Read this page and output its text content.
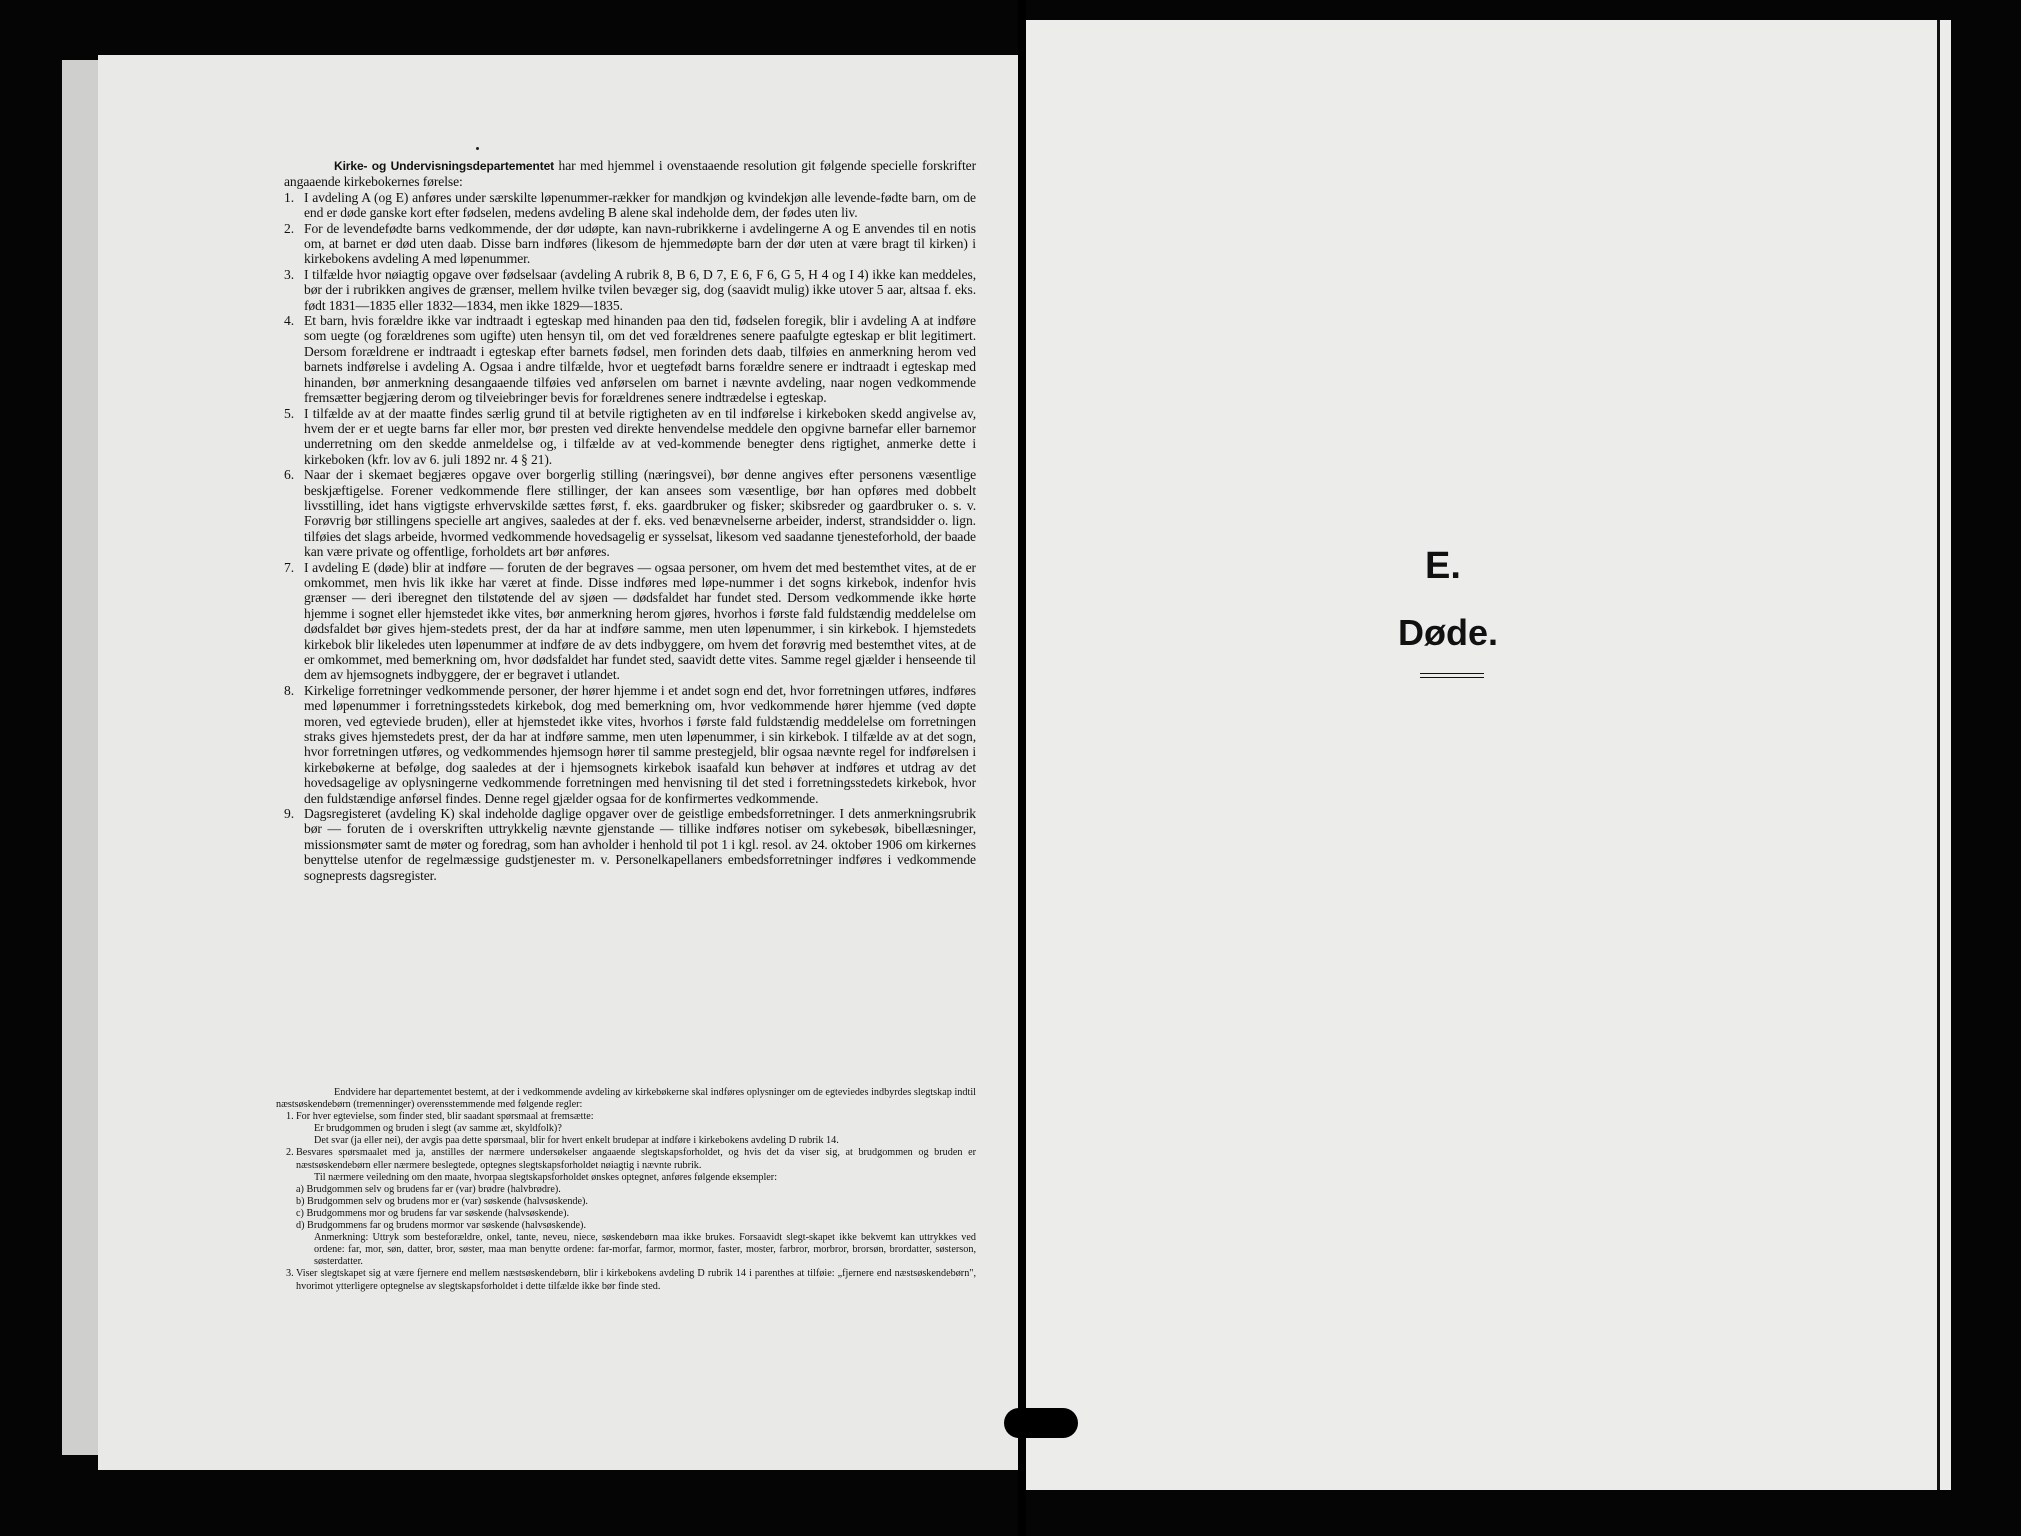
Kirke- og Undervisningsdepartementet har med hjemmel i ovenstaaende resolution git følgende specielle forskrifter angaaende kirkebokernes førelse:

1. I avdeling A (og E) anføres under særskilte løpenummer-rækker for mandkjøn og kvindekjøn alle levende-fødte barn, om de end er døde ganske kort efter fødselen, medens avdeling B alene skal indeholde dem, der fødes uten liv.
2. For de levendefødte barns vedkommende, der dør udøpte, kan navn-rubrikkerne i avdelingerne A og E anvendes til en notis om, at barnet er død uten daab. Disse barn indføres (likesom de hjemmedøpte barn der dør uten at være bragt til kirken) i kirkebokens avdeling A med løpenummer.
3. I tilfælde hvor nøiagtig opgave over fødselsaar (avdeling A rubrik 8, B 6, D 7, E 6, F 6, G 5, H 4 og I 4) ikke kan meddeles, bør der i rubrikken angives de grænser, mellem hvilke tvilen bevæger sig, dog (saavidt mulig) ikke utover 5 aar, altsaa f. eks. født 1831—1835 eller 1832—1834, men ikke 1829—1835.
4. Et barn, hvis forældre ikke var indtraadt i egteskap med hinanden paa den tid, fødselen foregik, blir i avdeling A at indføre som uegte (og forældrenes som ugifte) uten hensyn til, om det ved forældrenes senere paafulgte egteskap er blit legitimert. Dersom forældrene er indtraadt i egteskap efter barnets fødsel, men forinden dets daab, tilføies en anmerkning herom ved barnets indførelse i avdeling A. Ogsaa i andre tilfælde, hvor et uegtefødt barns forældre senere er indtraadt i egteskap med hinanden, bør anmerkning desangaaende tilføies ved anførselen om barnet i nævnte avdeling, naar nogen vedkommende fremsætter begjæring derom og tilveiebringer bevis for forældrenes senere indtrædelse i egteskap.
5. I tilfælde av at der maatte findes særlig grund til at betvile rigtigheten av en til indførelse i kirkeboken skedd angivelse av, hvem der er et uegte barns far eller mor, bør presten ved direkte henvendelse meddele den opgivne barnefar eller barnemor underretning om den skedde anmeldelse og, i tilfælde av at ved-kommende benegter dens rigtighet, anmerke dette i kirkeboken (kfr. lov av 6. juli 1892 nr. 4 § 21).
6. Naar der i skemaet begjæres opgave over borgerlig stilling (næringsvei), bør denne angives efter personens væsentlige beskjæftigelse. Forener vedkommende flere stillinger, der kan ansees som væsentlige, bør han opføres med dobbelt livsstilling, idet hans vigtigste erhvervskilde sættes først, f. eks. gaardbruker og fisker; skibsreder og gaardbruker o. s. v. Forøvrig bør stillingens specielle art angives, saaledes at der f. eks. ved benævnelserne arbeider, inderst, strandsidder o. lign. tilføies det slags arbeide, hvormed vedkommende hovedsagelig er sysselsat, likesom ved saadanne tjenesteforhold, der baade kan være private og offentlige, forholdets art bør anføres.
7. I avdeling E (døde) blir at indføre — foruten de der begraves — ogsaa personer, om hvem det med bestemthet vites, at de er omkommet, men hvis lik ikke har været at finde. Disse indføres med løpe-nummer i det sogns kirkebok, indenfor hvis grænser — deri iberegnet den tilstøtende del av sjøen — dødsfaldet har fundet sted. Dersom vedkommende ikke hørte hjemme i sognet eller hjemstedet ikke vites, bør anmerkning herom gjøres, hvorhos i første fald fuldstændig meddelelse om dødsfaldet bør gives hjem-stedets prest, der da har at indføre samme, men uten løpenummer, i sin kirkebok. I hjemstedets kirkebok blir likeledes uten løpenummer at indføre de av dets indbyggere, om hvem det forøvrig med bestemthet vites, at de er omkommet, med bemerkning om, hvor dødsfaldet har fundet sted, saavidt dette vites. Samme regel gjælder i henseende til dem av hjemsognets indbyggere, der er begravet i utlandet.
8. Kirkelige forretninger vedkommende personer, der hører hjemme i et andet sogn end det, hvor forretningen utføres, indføres med løpenummer i forretningsstedets kirkebok, dog med bemerkning om, hvor vedkommende hører hjemme (ved døpte moren, ved egteviede bruden), eller at hjemstedet ikke vites, hvorhos i første fald fuldstændig meddelelse om forretningen straks gives hjemstedets prest, der da har at indføre samme, men uten løpenummer, i sin kirkebok. I tilfælde av at det sogn, hvor forretningen utføres, og vedkommendes hjemsogn hører til samme prestegjeld, blir ogsaa nævnte regel for indførelsen i kirkebøkerne at befølge, dog saaledes at der i hjemsognets kirkebok isaafald kun behøver at indføres et utdrag av det hovedsagelige av oplysningerne vedkommende forretningen med henvisning til det sted i forretningsstedets kirkebok, hvor den fuldstændige anførsel findes. Denne regel gjælder ogsaa for de konfirmertes vedkommende.
9. Dagsregisteret (avdeling K) skal indeholde daglige opgaver over de geistlige embedsforretninger. I dets anmerkningsrubrik bør — foruten de i overskriften uttrykkelig nævnte gjenstande — tillike indføres notiser om sykebesøk, bibellæsninger, missionsmøter samt de møter og foredrag, som han avholder i henhold til pot 1 i kgl. resol. av 24. oktober 1906 om kirkernes benyttelse utenfor de regelmæssige gudstjenester m. v. Personelkapellaners embedsforretninger indføres i vedkommende sogneprests dagsregister.

Endvidere har departementet bestemt, at der i vedkommende avdeling av kirkebøkerne skal indføres oplysninger om de egteviedes indbyrdes slegtskap indtil næstsøskendebørn (tremenninger) overensstemmende med følgende regler:

1. For hver egtevielse, som finder sted, blir saadant spørsmaal at fremsætte:
Er brudgommen og bruden i slegt (av samme æt, skyldfolk)?
Det svar (ja eller nei), der avgis paa dette spørsmaal, blir for hvert enkelt brudepar at indføre i kirkebokens avdeling D rubrik 14.
2. Besvares spørsmaalet med ja, anstilles der nærmere undersøkelser angaaende slegtskapsforholdet, og hvis det da viser sig, at brudgommen og bruden er næstsøskendebørn eller nærmere beslegtede, optegnes slegtskapsforholdet nøiagtig i nævnte rubrik.
Til nærmere veiledning om den maate, hvorpaa slegtskapsforholdet ønskes optegnet, anføres følgende eksempler:
a) Brudgommen selv og brudens far er (var) brødre (halvbrødre).
b) Brudgommen selv og brudens mor er (var) søskende (halvsøskende).
c) Brudgommens mor og brudens far var søskende (halvsøskende).
d) Brudgommens far og brudens mormor var søskende (halvsøskende).
Anmerkning: Uttryk som besteforældre, onkel, tante, neveu, niece, søskendebørn maa ikke brukes. Forsaavidt slegt-skapet ikke bekvemt kan uttrykkes ved ordene: far, mor, søn, datter, bror, søster, maa man benytte ordene: far-morfar, farmor, mormor, faster, moster, farbror, morbror, brorsøn, brordatter, søsterson, søsterdatter.
3. Viser slegtskapet sig at være fjernere end mellem næstsøskendebørn, blir i kirkebokens avdeling D rubrik 14 i parenthes at tilføie: „fjernere end næstsøskendebørn", hvorimot ytterligere optegnelse av slegtskapsforholdet i dette tilfælde ikke bør finde sted.
E.
Døde.
